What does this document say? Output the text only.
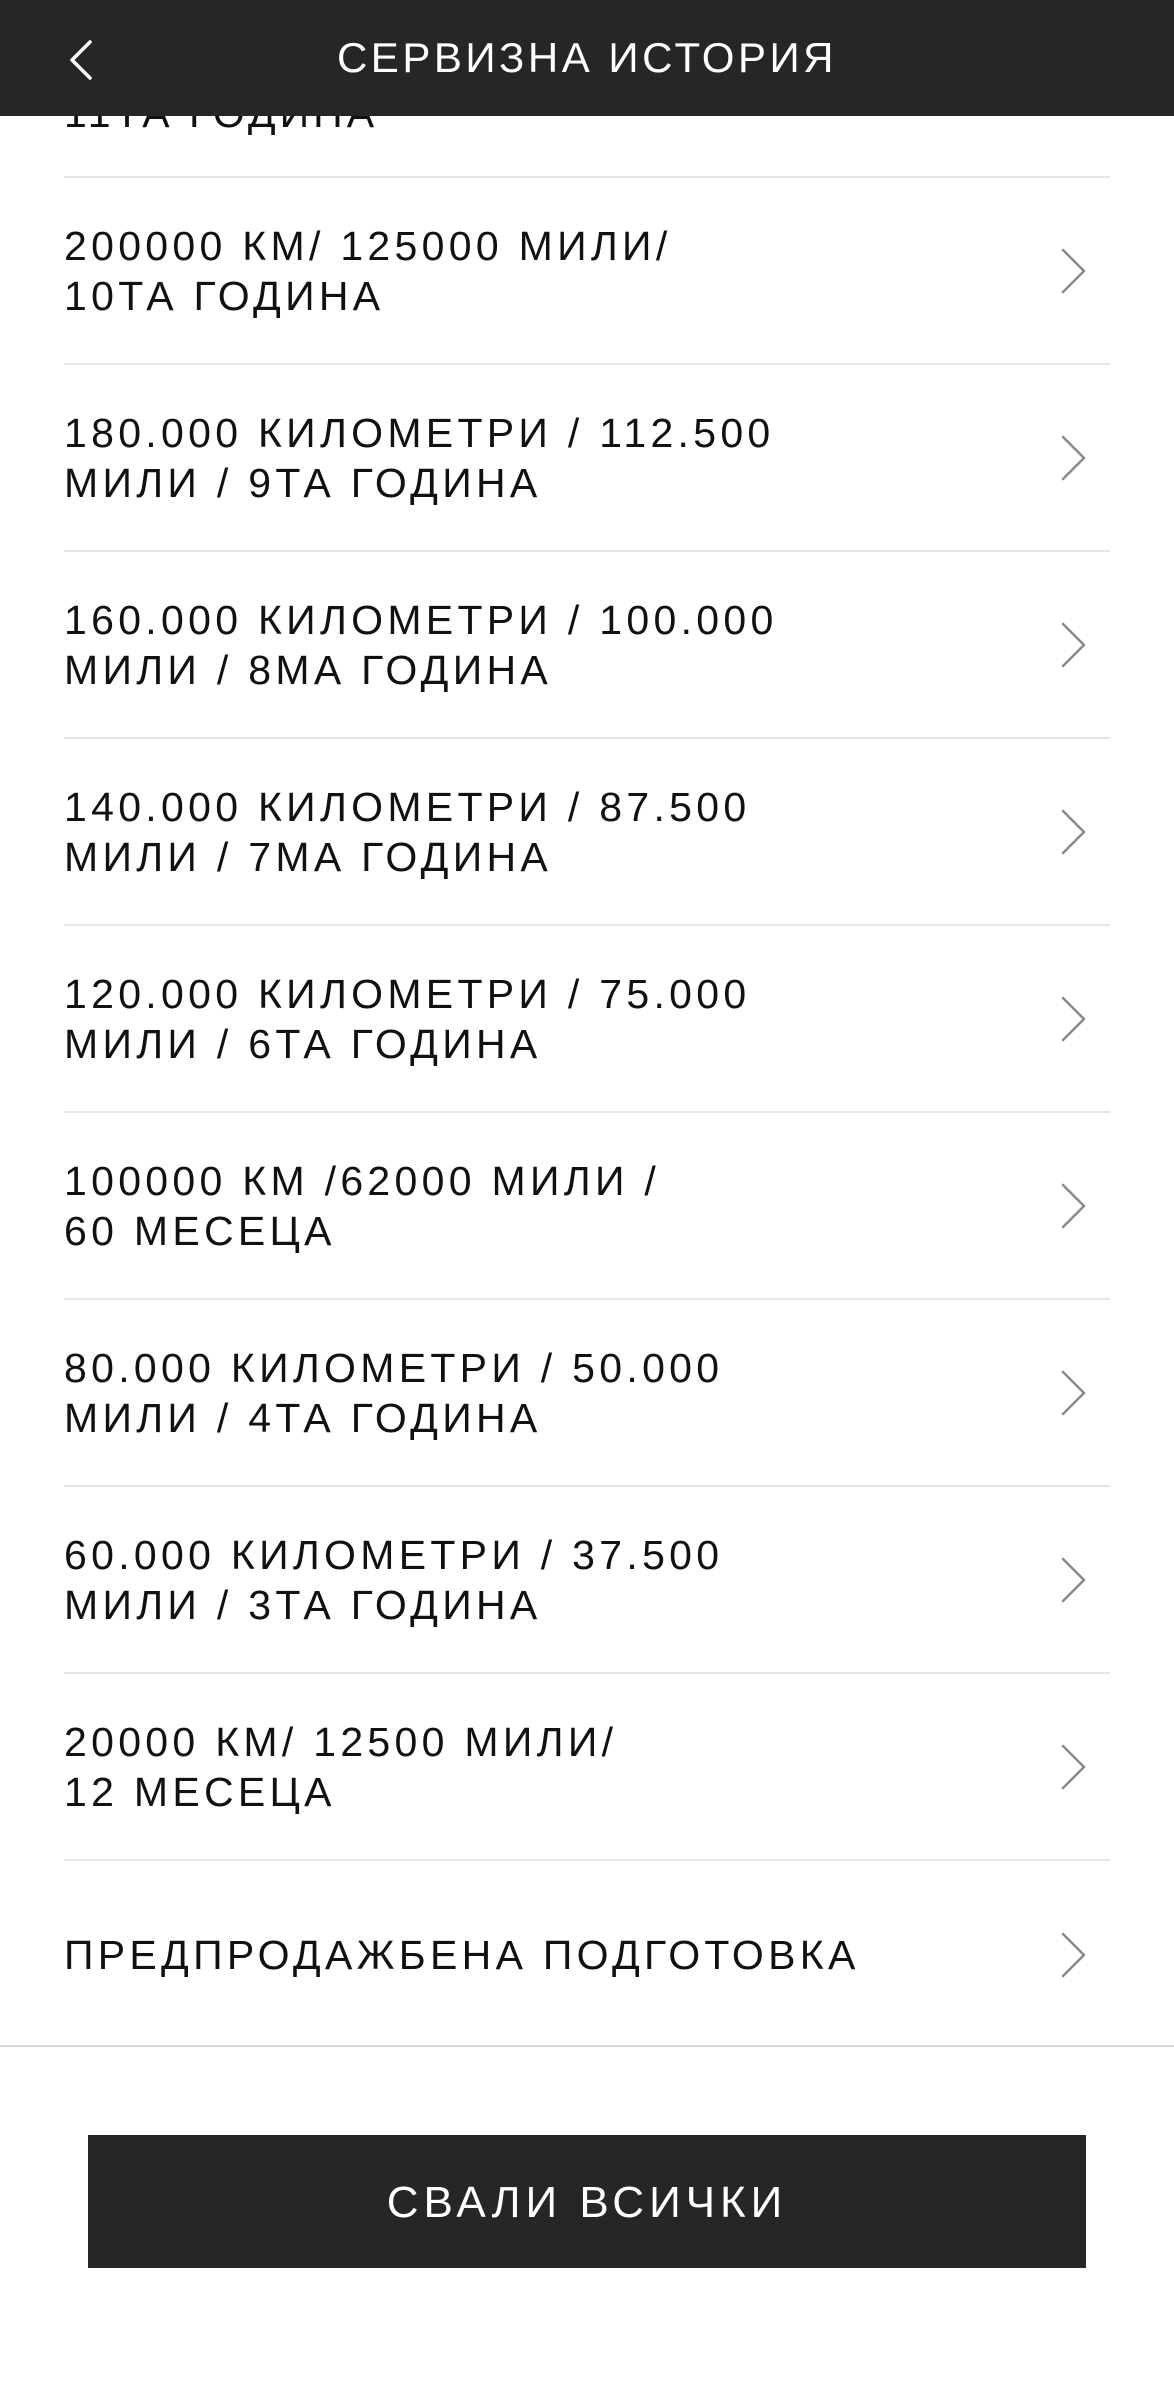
200000 КМ/ 125000 МИЛИ/
10ТА ГОДИНА
180.000 КИЛОМЕТРИ / 112.500
МИЛИ / 9ТА ГОДИНА
160.000 КИЛОМЕТРИ / 100.000
МИЛИ / 8МА ГОДИНА
140.000 КИЛОМЕТРИ / 87.500
МИЛИ / 7МА ГОДИНА
120.000 КИЛОМЕТРИ / 75.000
МИЛИ / 6ТА ГОДИНА
100000 КМ /62000 МИЛИ /
60 МЕСЕЦА
80.000 КИЛОМЕТРИ / 50.000
МИЛИ / 4ТА ГОДИНА
60.000 КИЛОМЕТРИ / 37.500
МИЛИ / 3ТА ГОДИНА
20000 КМ/ 12500 МИЛИ/
12 МЕСЕЦА
ПРЕДПРОДАЖБЕНА ПОДГОТОВКА
СЕРВИЗНА ИСТОРИЯ
СВАЛИ ВСИЧКИ
